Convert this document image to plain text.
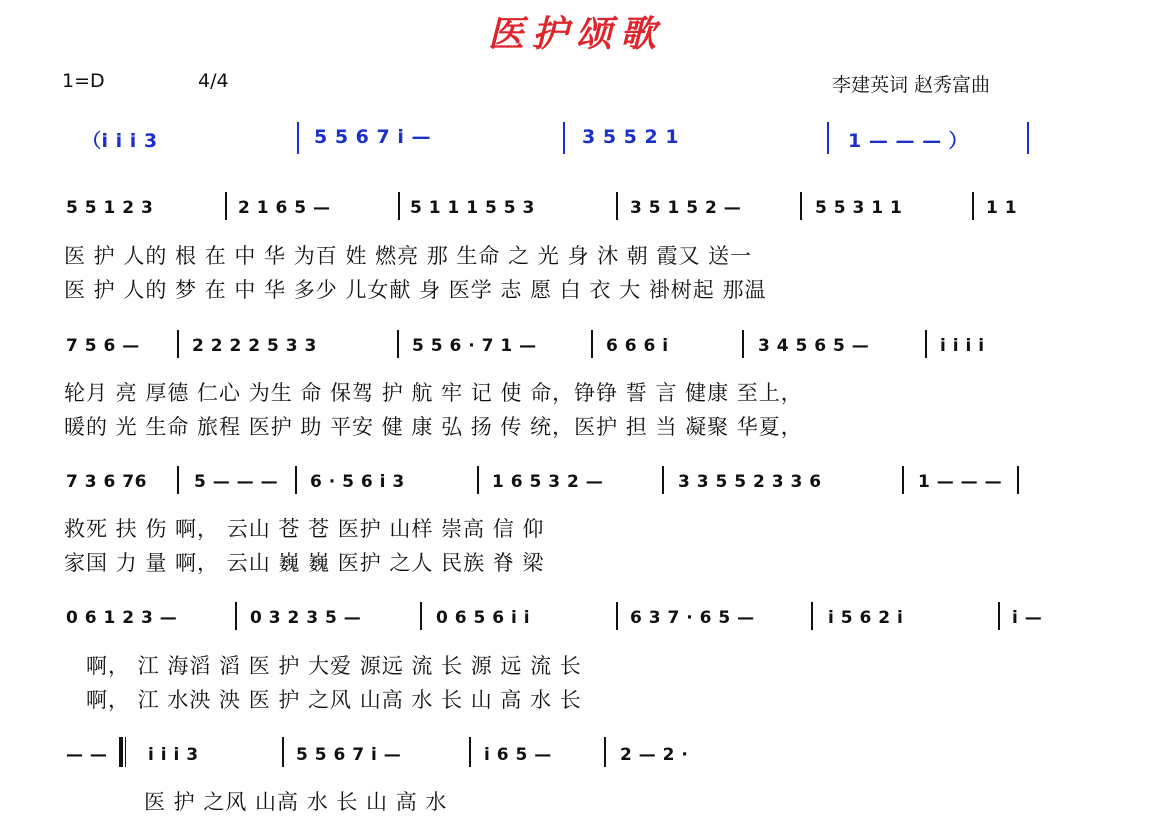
医护颂歌
1=D	4/4	李建英词 赵秀富曲
（i i i 3	5 5 6 7 i —	3 5 5 2 1	1 — — — ）
5 5 1 2 3	2 1 6 5 —	5 1 1 1 5 5 3	3 5 1 5 2 —	5 5 3 1 1	1 1
医 护 人的 根 在 中 华 为百 姓 燃亮 那 生命 之 光 身 沐 朝 霞又 送一
医 护 人的 梦 在 中 华 多少 儿女献 身 医学 志 愿 白 衣 大 褂树起 那温
7 5 6 —	2 2 2 2 5 3 3	5 5 6 · 7 1 —	6 6 6 i	3 4 5 6 5 —	i i i i
轮月 亮 厚德 仁心 为生 命 保驾 护 航 牢 记 使 命，铮铮 誓 言 健康 至上，
暖的 光 生命 旅程 医护 助 平安 健 康 弘 扬 传 统，医护 担 当 凝聚 华夏，
7 3 6 76	5 — — — 6 · 5 6 i 3	1 6 5 3 2 —	3 3 5 5 2 3 3 6	1 — — —
救死 扶 伤 啊， 云山 苍 苍 医护 山样 崇高 信 仰
家国 力 量 啊， 云山 巍 巍 医护 之人 民族 脊 梁
0 6 1 2 3 —	0 3 2 3 5 —	0 6 5 6 i i	6 3 7 · 6 5 —	i 5 6 2 i	i —
啊， 江 海滔 滔 医 护 大爱 源远 流 长 源 远 流 长
啊， 江 水泱 泱 医 护 之风 山高 水 长 山 高 水 长
— — i i i 3	5 5 6 7 i —	i 6 5 —	2 — 2 ·
医 护 之风 山高 水 长 山 高 水
